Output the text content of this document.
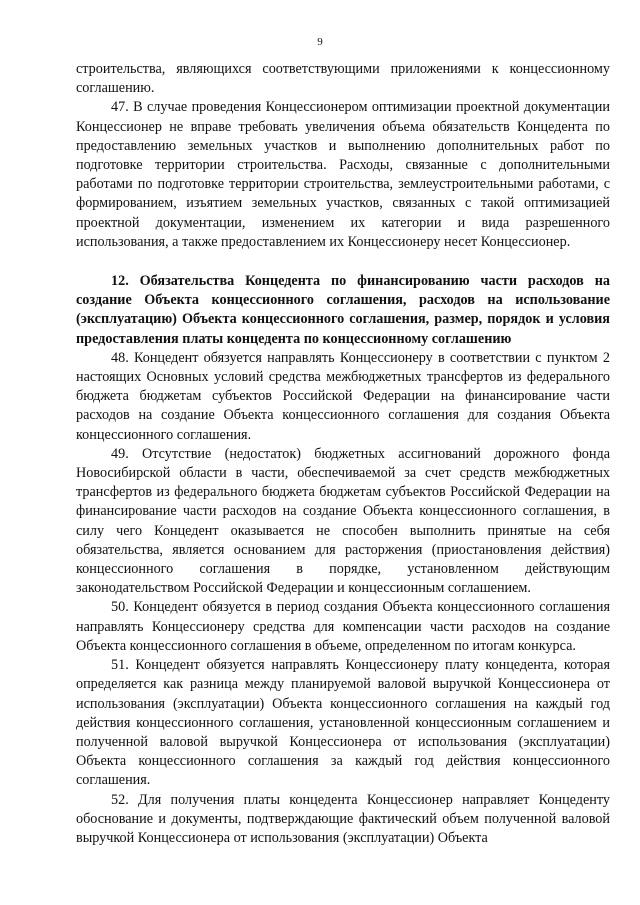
9

строительства, являющихся соответствующими приложениями к концессионному соглашению.

47. В случае проведения Концессионером оптимизации проектной документации Концессионер не вправе требовать увеличения объема обязательств Концедента по предоставлению земельных участков и выполнению дополнительных работ по подготовке территории строительства. Расходы, связанные с дополнительными работами по подготовке территории строительства, землеустроительными работами, с формированием, изъятием земельных участков, связанных с такой оптимизацией проектной документации, изменением их категории и вида разрешенного использования, а также предоставлением их Концессионеру несет Концессионер.

12. Обязательства Концедента по финансированию части расходов на создание Объекта концессионного соглашения, расходов на использование (эксплуатацию) Объекта концессионного соглашения, размер, порядок и условия предоставления платы концедента по концессионному соглашению

48. Концедент обязуется направлять Концессионеру в соответствии с пунктом 2 настоящих Основных условий средства межбюджетных трансфертов из федерального бюджета бюджетам субъектов Российской Федерации на финансирование части расходов на создание Объекта концессионного соглашения для создания Объекта концессионного соглашения.

49. Отсутствие (недостаток) бюджетных ассигнований дорожного фонда Новосибирской области в части, обеспечиваемой за счет средств межбюджетных трансфертов из федерального бюджета бюджетам субъектов Российской Федерации на финансирование части расходов на создание Объекта концессионного соглашения, в силу чего Концедент оказывается не способен выполнить принятые на себя обязательства, является основанием для расторжения (приостановления действия) концессионного соглашения в порядке, установленном действующим законодательством Российской Федерации и концессионным соглашением.

50. Концедент обязуется в период создания Объекта концессионного соглашения направлять Концессионеру средства для компенсации части расходов на создание Объекта концессионного соглашения в объеме, определенном по итогам конкурса.

51. Концедент обязуется направлять Концессионеру плату концедента, которая определяется как разница между планируемой валовой выручкой Концессионера от использования (эксплуатации) Объекта концессионного соглашения на каждый год действия концессионного соглашения, установленной концессионным соглашением и полученной валовой выручкой Концессионера от использования (эксплуатации) Объекта концессионного соглашения за каждый год действия концессионного соглашения.

52. Для получения платы концедента Концессионер направляет Концеденту обоснование и документы, подтверждающие фактический объем полученной валовой выручкой Концессионера от использования (эксплуатации) Объекта
